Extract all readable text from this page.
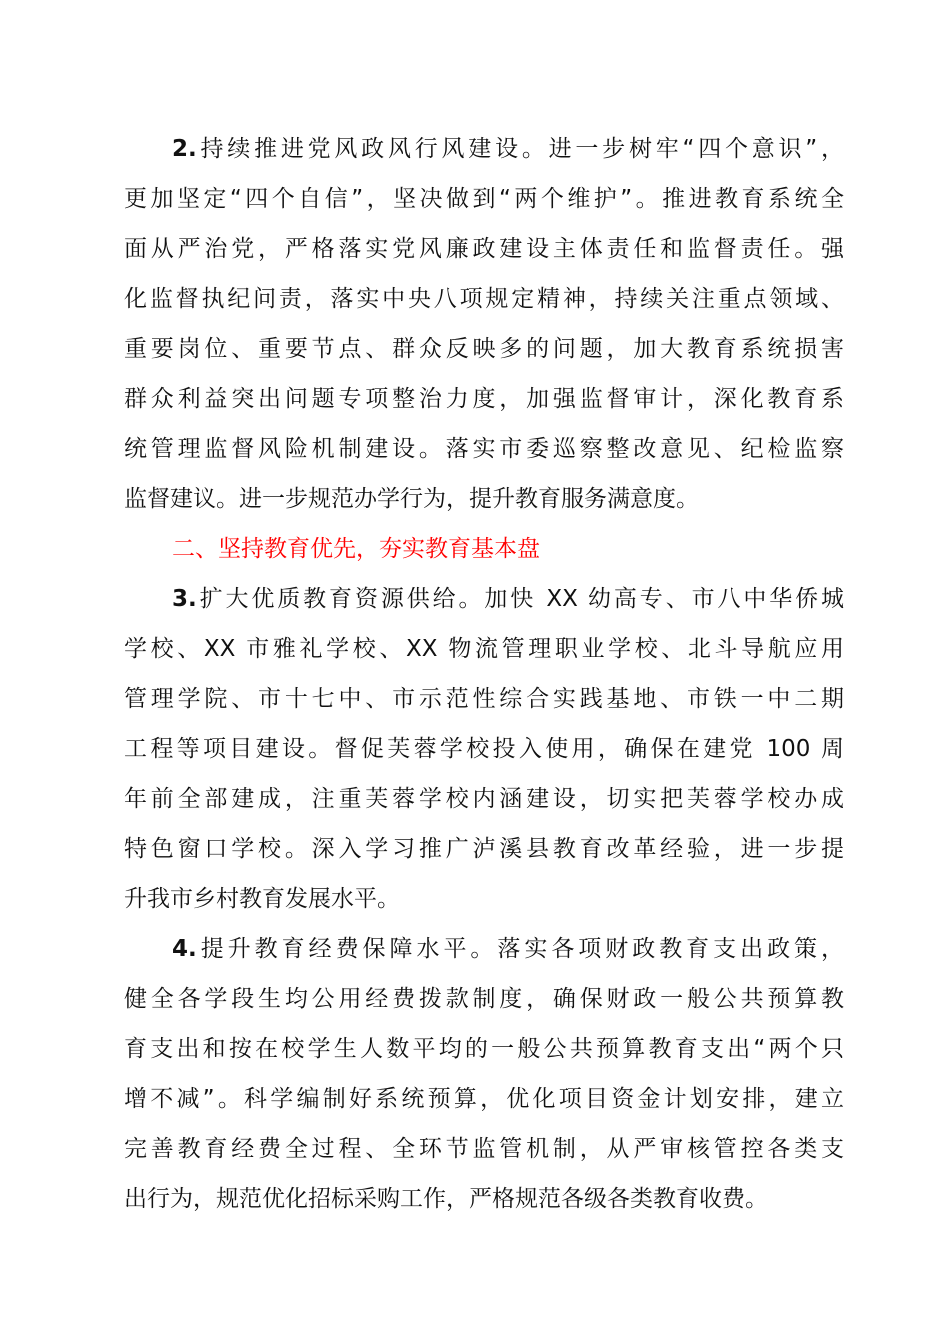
2.持续推进党风政风行风建设。进一步树牢“四个意识”，
更加坚定“四个自信”，坚决做到“两个维护”。推进教育系统全
面从严治党，严格落实党风廉政建设主体责任和监督责任。强
化监督执纪问责，落实中央八项规定精神，持续关注重点领域、
重要岗位、重要节点、群众反映多的问题，加大教育系统损害
群众利益突出问题专项整治力度，加强监督审计，深化教育系
统管理监督风险机制建设。落实市委巡察整改意见、纪检监察
监督建议。进一步规范办学行为，提升教育服务满意度。
二、坚持教育优先，夯实教育基本盘
3.扩大优质教育资源供给。加快 XX 幼高专、市八中华侨城
学校、XX 市雅礼学校、XX 物流管理职业学校、北斗导航应用
管理学院、市十七中、市示范性综合实践基地、市铁一中二期
工程等项目建设。督促芙蓉学校投入使用，确保在建党 100 周
年前全部建成，注重芙蓉学校内涵建设，切实把芙蓉学校办成
特色窗口学校。深入学习推广泸溪县教育改革经验，进一步提
升我市乡村教育发展水平。
4.提升教育经费保障水平。落实各项财政教育支出政策，
健全各学段生均公用经费拨款制度，确保财政一般公共预算教
育支出和按在校学生人数平均的一般公共预算教育支出“两个只
增不减”。科学编制好系统预算，优化项目资金计划安排，建立
完善教育经费全过程、全环节监管机制，从严审核管控各类支
出行为，规范优化招标采购工作，严格规范各级各类教育收费。
